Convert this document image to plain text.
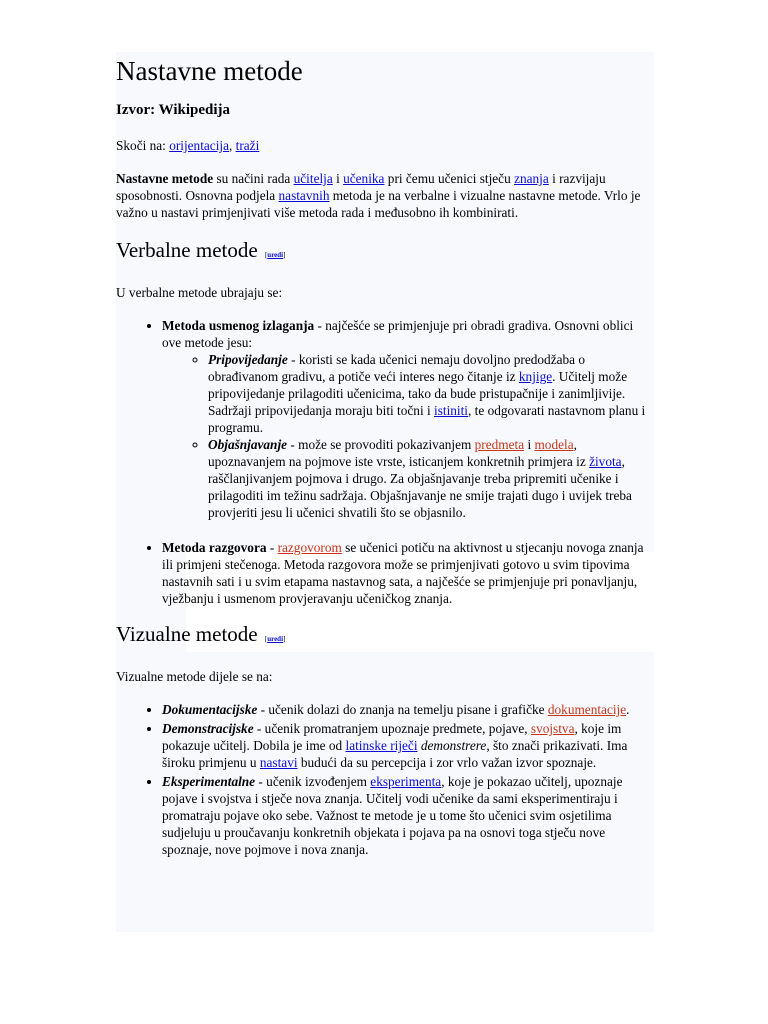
Nastavne metode
Izvor: Wikipedija

Skoči na: orijentacija, traži

Nastavne metode su načini rada učitelja i učenika pri čemu učenici stječu znanja i razvijaju sposobnosti. Osnovna podjela nastavnih metoda je na verbalne i vizualne nastavne metode. Vrlo je važno u nastavi primjenjivati više metoda rada i međusobno ih kombinirati.

Verbalne metode [uredi]

U verbalne metode ubrajaju se:

• Metoda usmenog izlaganja - najčešće se primjenjuje pri obradi gradiva. Osnovni oblici ove metode jesu:
◦ Pripovijedanje - koristi se kada učenici nemaju dovoljno predodžaba o obrađivanom gradivu, a potiče veći interes nego čitanje iz knjige. Učitelj može pripovijedanje prilagoditi učenicima, tako da bude pristupačnije i zanimljivije. Sadržaji pripovijedanja moraju biti točni i istiniti, te odgovarati nastavnom planu i programu.
◦ Objašnjavanje - može se provoditi pokazivanjem predmeta i modela, upoznavanjem na pojmove iste vrste, isticanjem konkretnih primjera iz života, raščlanjivanjem pojmova i drugo. Za objašnjavanje treba pripremiti učenike i prilagoditi im težinu sadržaja. Objašnjavanje ne smije trajati dugo i uvijek treba provjeriti jesu li učenici shvatili što se objasnilo.
• Metoda razgovora - razgovorom se učenici potiču na aktivnost u stjecanju novoga znanja ili primjeni stečenoga. Metoda razgovora može se primjenjivati gotovo u svim tipovima nastavnih sati i u svim etapama nastavnog sata, a najčešće se primjenjuje pri ponavljanju, vježbanju i usmenom provjeravanju učeničkog znanja.
Vizualne metode [uredi]

Vizualne metode dijele se na:

• Dokumentacijske - učenik dolazi do znanja na temelju pisane i grafičke dokumentacije.
• Demonstracijske - učenik promatranjem upoznaje predmete, pojave, svojstva, koje im pokazuje učitelj. Dobila je ime od latinske riječi demonstrere, što znači prikazivati. Ima široku primjenu u nastavi budući da su percepcija i zor vrlo važan izvor spoznaje.
• Eksperimentalne - učenik izvođenjem eksperimenta, koje je pokazao učitelj, upoznaje pojave i svojstva i stječe nova znanja. Učitelj vodi učenike da sami eksperimentiraju i promatraju pojave oko sebe. Važnost te metode je u tome što učenici svim osjetilima sudjeluju u proučavanju konkretnih objekata i pojava pa na osnovi toga stječu nove spoznaje, nove pojmove i nova znanja.
